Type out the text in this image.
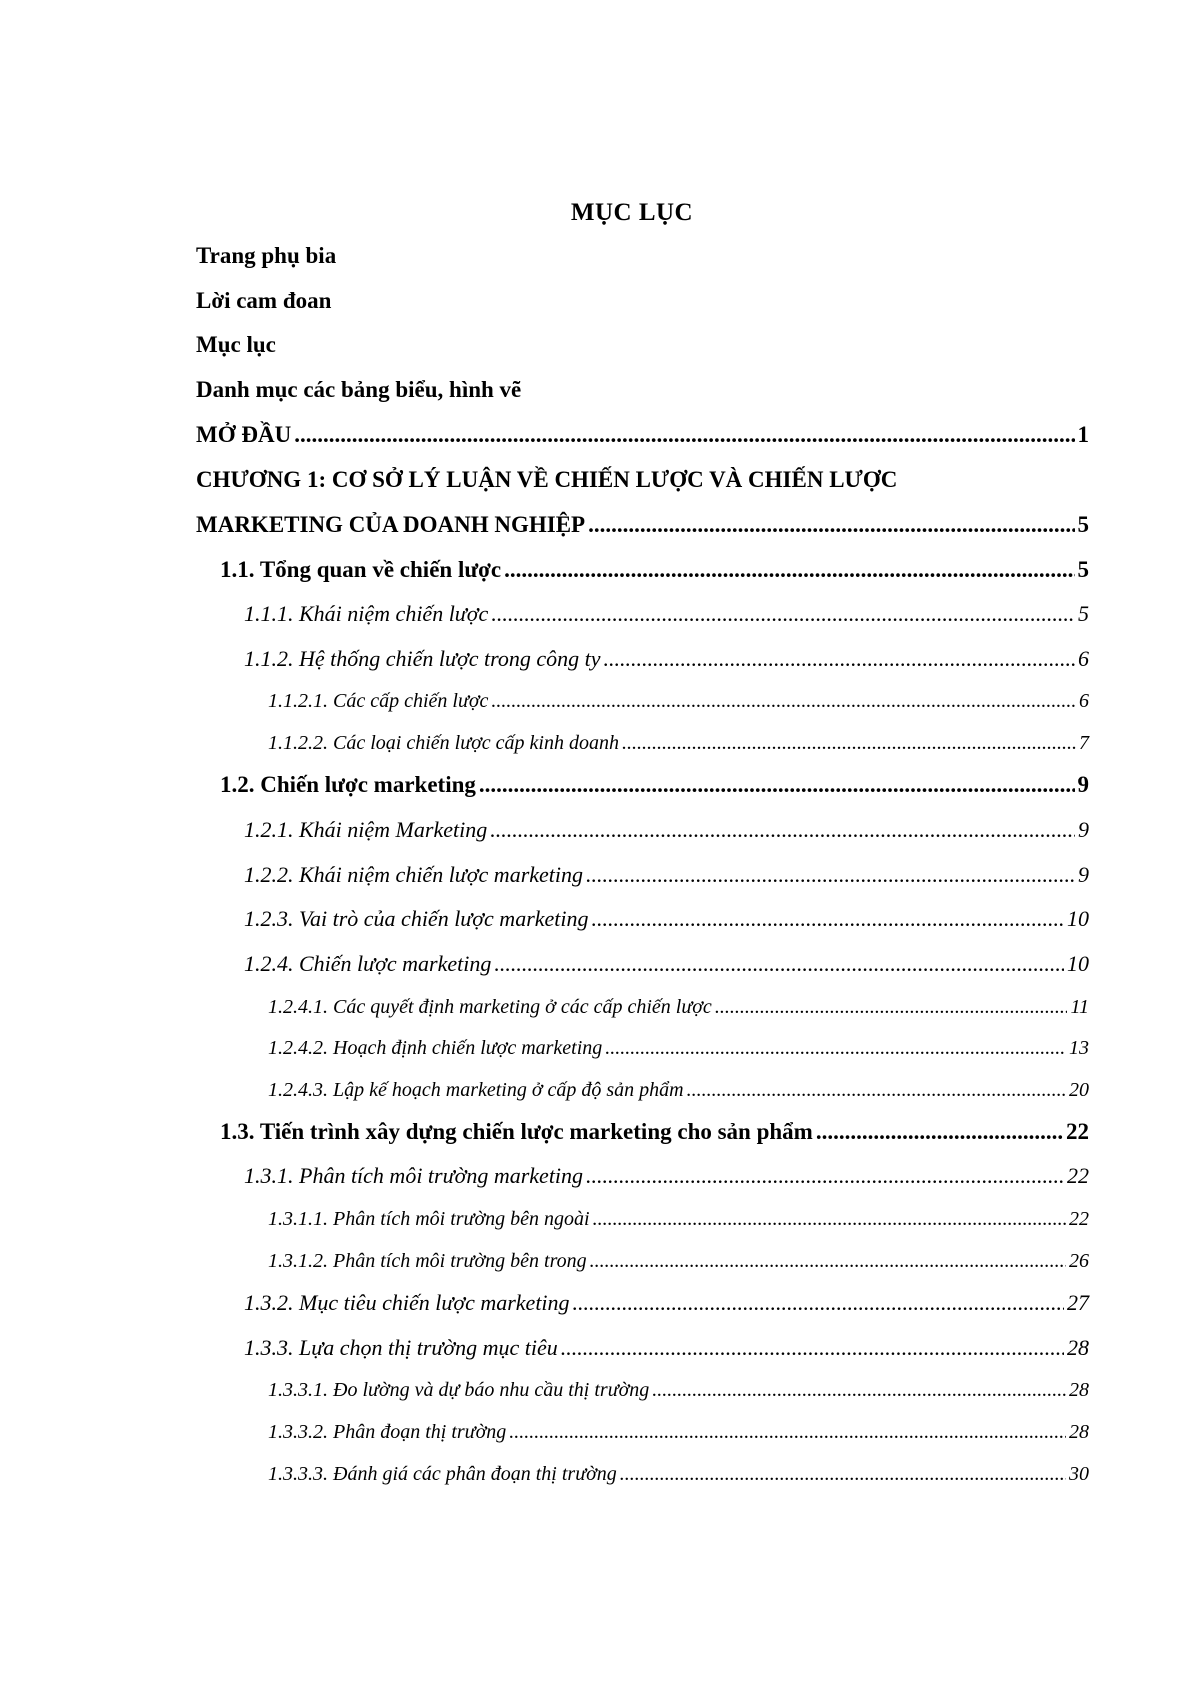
MỤC LỤC
Trang phụ bia
Lời cam đoan
Mục lục
Danh mục các bảng biểu, hình vẽ
MỞ ĐẦU .....	1
CHƯƠNG 1: CƠ SỞ LÝ LUẬN VỀ CHIẾN LƯỢC VÀ CHIẾN LƯỢC
MARKETING CỦA DOANH NGHIỆP .....	5
1.1. Tổng quan về chiến lược .....	5
1.1.1. Khái niệm chiến lược .....	5
1.1.2. Hệ thống chiến lược trong công ty .....	6
1.1.2.1. Các cấp chiến lược .....	6
1.1.2.2. Các loại chiến lược cấp kinh doanh .....	7
1.2. Chiến lược marketing .....	9
1.2.1. Khái niệm Marketing .....	9
1.2.2. Khái niệm chiến lược marketing .....	9
1.2.3. Vai trò của chiến lược marketing .....	10
1.2.4. Chiến lược marketing .....	10
1.2.4.1. Các quyết định marketing ở các cấp chiến lược .....	11
1.2.4.2. Hoạch định chiến lược marketing .....	13
1.2.4.3. Lập kế hoạch marketing ở cấp độ sản phẩm .....	20
1.3. Tiến trình xây dựng chiến lược marketing cho sản phẩm .....	22
1.3.1. Phân tích môi trường marketing .....	22
1.3.1.1. Phân tích môi trường bên ngoài .....	22
1.3.1.2. Phân tích môi trường bên trong .....	26
1.3.2. Mục tiêu chiến lược marketing .....	27
1.3.3. Lựa chọn thị trường mục tiêu .....	28
1.3.3.1. Đo lường và dự báo nhu cầu thị trường .....	28
1.3.3.2. Phân đoạn thị trường .....	28
1.3.3.3. Đánh giá các phân đoạn thị trường .....	30
